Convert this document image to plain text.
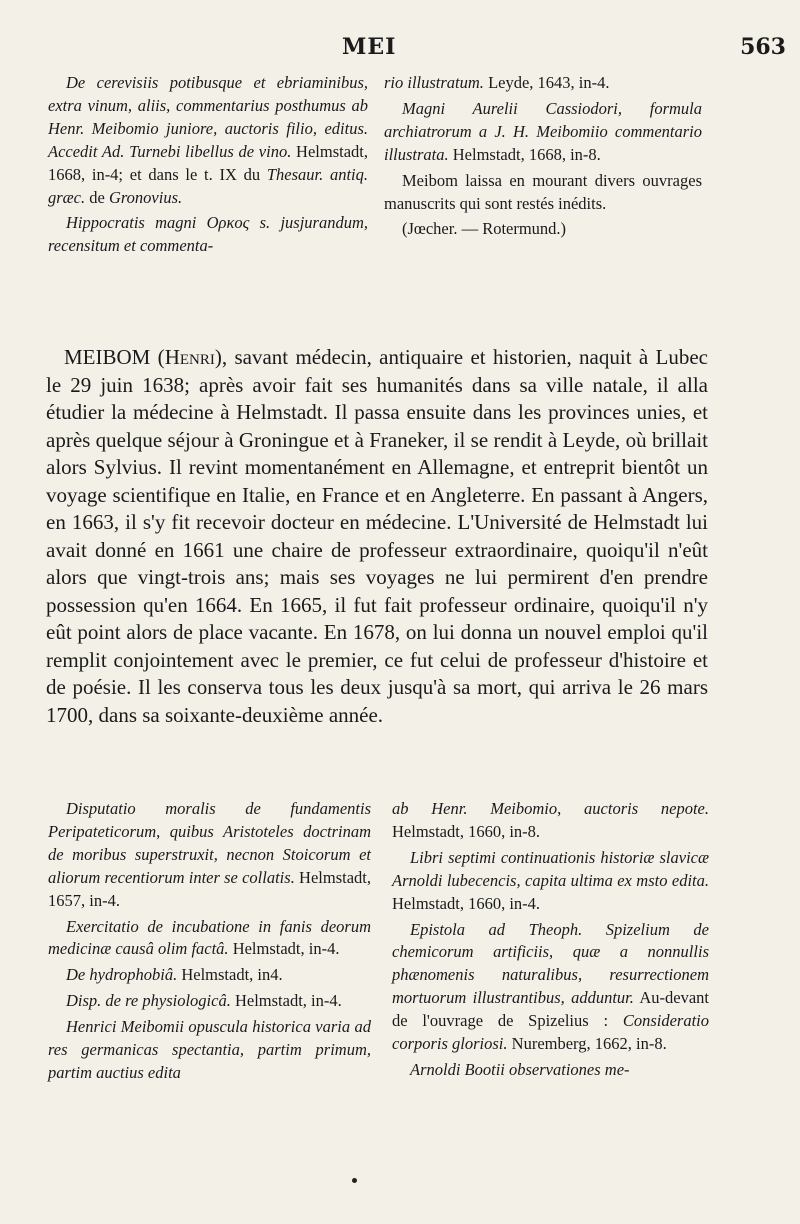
MEI	563

De cerevisiis potibusque et ebriaminibus, extra vinum, aliis, commentarius posthumus ab Henr. Meibomio juniore, auctoris filio, editus. Accedit Ad. Turnebi libellus de vino. Helmstadt, 1668, in-4; et dans le t. IX du Thesaur. antiq. græc. de Gronovius.

Hippocratis magni Ορκος s. jusjurandum, recensitum et commenta-

rio illustratum. Leyde, 1643, in-4.

Magni Aurelii Cassiodori, formula archiatrorum a J. H. Meibomiio commentario illustrata. Helmstadt, 1668, in-8.

Meibom laissa en mourant divers ouvrages manuscrits qui sont restés inédits.

(Jœcher. — Rotermund.)

MEIBOM (Henri), savant médecin, antiquaire et historien, naquit à Lubec le 29 juin 1638; après avoir fait ses humanités dans sa ville natale, il alla étudier la médecine à Helmstadt. Il passa ensuite dans les provinces unies, et après quelque séjour à Groningue et à Franeker, il se rendit à Leyde, où brillait alors Sylvius. Il revint momentanément en Allemagne, et entreprit bientôt un voyage scientifique en Italie, en France et en Angleterre. En passant à Angers, en 1663, il s'y fit recevoir docteur en médecine. L'Université de Helmstadt lui avait donné en 1661 une chaire de professeur extraordinaire, quoiqu'il n'eût alors que vingt-trois ans; mais ses voyages ne lui permirent d'en prendre possession qu'en 1664. En 1665, il fut fait professeur ordinaire, quoiqu'il n'y eût point alors de place vacante. En 1678, on lui donna un nouvel emploi qu'il remplit conjointement avec le premier, ce fut celui de professeur d'histoire et de poésie. Il les conserva tous les deux jusqu'à sa mort, qui arriva le 26 mars 1700, dans sa soixante-deuxième année.

Disputatio moralis de fundamentis Peripateticorum, quibus Aristoteles doctrinam de moribus superstruxit, necnon Stoicorum et aliorum recentiorum inter se collatis. Helmstadt, 1657, in-4.

Exercitatio de incubatione in fanis deorum medicinæ causâ olim factâ. Helmstadt, in-4.

De hydrophobiâ. Helmstadt, in4.

Disp. de re physiologicâ. Helmstadt, in-4.

Henrici Meibomii opuscula historica varia ad res germanicas spectantia, partim primum, partim auctius edita

ab Henr. Meibomio, auctoris nepote. Helmstadt, 1660, in-8.

Libri septimi continuationis historiæ slavicæ Arnoldi lubecencis, capita ultima ex msto edita. Helmstadt, 1660, in-4.

Epistola ad Theoph. Spizelium de chemicorum artificiis, quæ a nonnullis phænomenis naturalibus, resurrectionem mortuorum illustrantibus, adduntur. Au-devant de l'ouvrage de Spizelius : Consideratio corporis gloriosi. Nuremberg, 1662, in-8.

Arnoldi Bootii observationes me-
